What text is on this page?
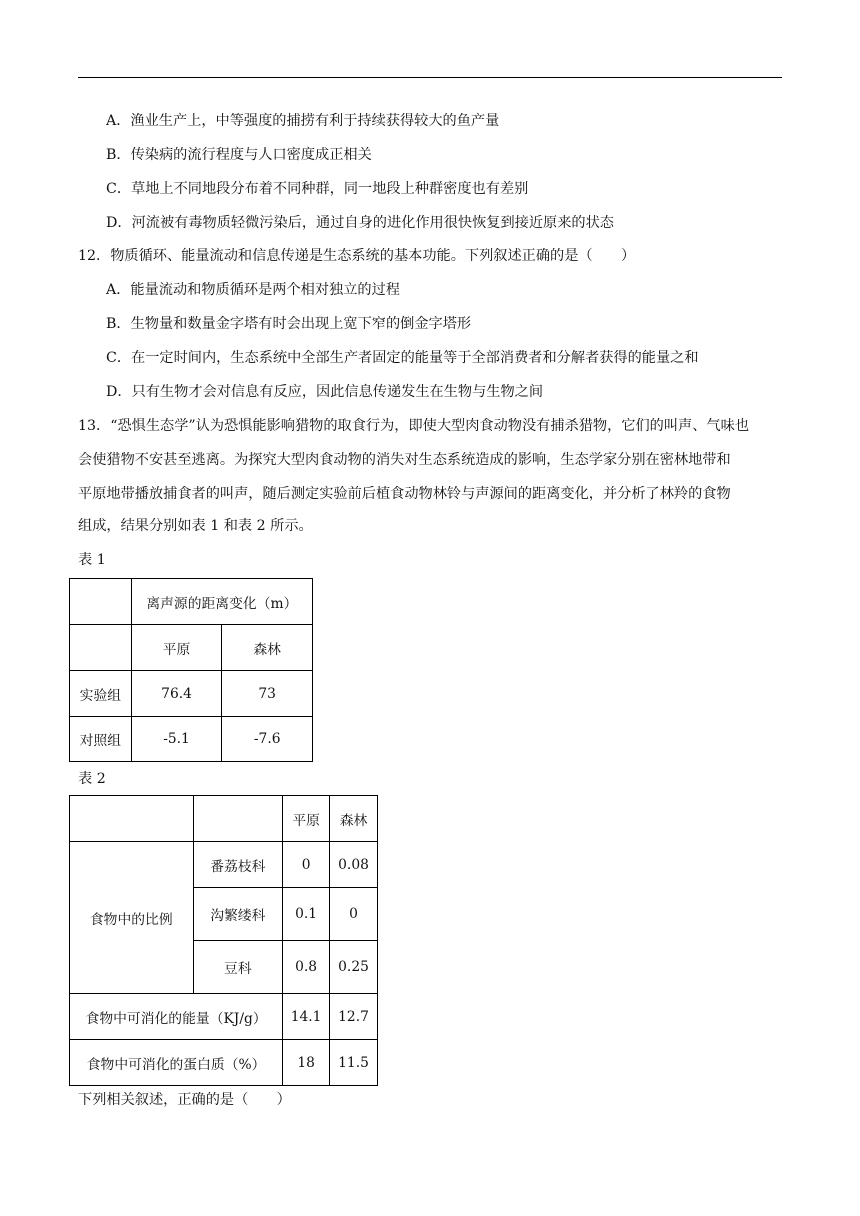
A．渔业生产上，中等强度的捕捞有利于持续获得较大的鱼产量
B．传染病的流行程度与人口密度成正相关
C．草地上不同地段分布着不同种群，同一地段上种群密度也有差别
D．河流被有毒物质轻微污染后，通过自身的进化作用很快恢复到接近原来的状态
12．物质循环、能量流动和信息传递是生态系统的基本功能。下列叙述正确的是（　　）
A．能量流动和物质循环是两个相对独立的过程
B．生物量和数量金字塔有时会出现上宽下窄的倒金字塔形
C．在一定时间内，生态系统中全部生产者固定的能量等于全部消费者和分解者获得的能量之和
D．只有生物才会对信息有反应，因此信息传递发生在生物与生物之间
13．“恐惧生态学”认为恐惧能影响猎物的取食行为，即使大型肉食动物没有捕杀猎物，它们的叫声、气味也
会使猎物不安甚至逃离。为探究大型肉食动物的消失对生态系统造成的影响，生态学家分别在密林地带和
平原地带播放捕食者的叫声，随后测定实验前后植食动物林铃与声源间的距离变化，并分析了林羚的食物
组成，结果分别如表 1 和表 2 所示。
表 1
	离声源的距离变化（m）	
	平原	森林
实验组	76.4	73
对照组	-5.1	-7.6
表 2
		平原	森林
食物中的比例	番荔枝科	0	0.08
	沟繁缕科	0.1	0
	豆科	0.8	0.25
食物中可消化的能量（KJ/g）		14.1	12.7
食物中可消化的蛋白质（%）		18	11.5
下列相关叙述，正确的是（　　）
